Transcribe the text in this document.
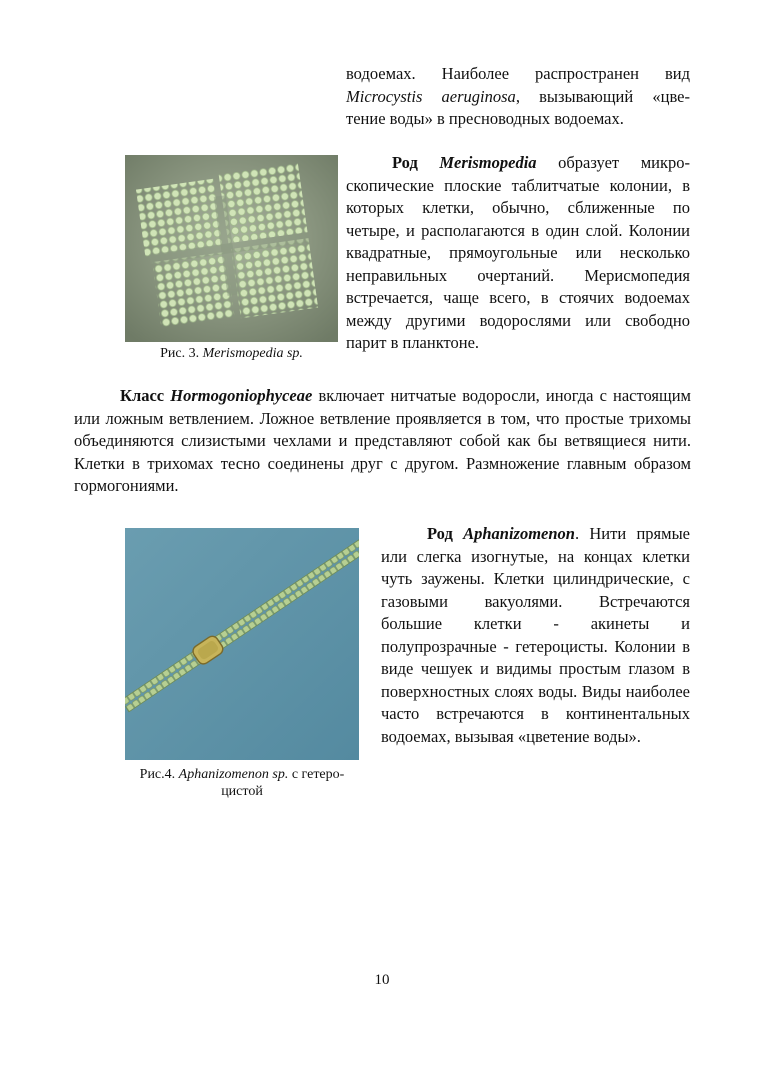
водоемах. Наиболее распространен вид

Microcystis aeruginosa, вызывающий «цве-

тение воды» в пресноводных водоемах.

Рис. 3. Merismopedia sp.

Род Merismopedia образует микроскопические плоские таблитчатые колонии, в которых клетки, обычно, сближенные по четыре, и располагаются в один слой. Колонии квадратные, прямоугольные или несколько неправильных очертаний. Мерисмопедия встречается, чаще всего, в стоячих водоемах между другими водорослями или свободно парит в планктоне.

Класс Hormogoniophyceae включает нитчатые водоросли, иногда с настоящим или ложным ветвлением. Ложное ветвление проявляется в том, что простые трихомы объединяются слизистыми чехлами и представляют собой как бы ветвящиеся нити. Клетки в трихомах тесно соединены друг с другом. Размножение главным образом гормогониями.

Рис.4. Aphanizomenon sp. с гетероцистой

Род Aphanizomenon. Нити прямые или слегка изогнутые, на концах клетки чуть заужены. Клетки цилиндрические, с газовыми вакуолями. Встречаются большие клетки - акинеты и полупрозрачные - гетероцисты. Колонии в виде чешуек и видимы простым глазом в поверхностных слоях воды. Виды наиболее часто встречаются в континентальных водоемах, вызывая «цветение воды».

10
